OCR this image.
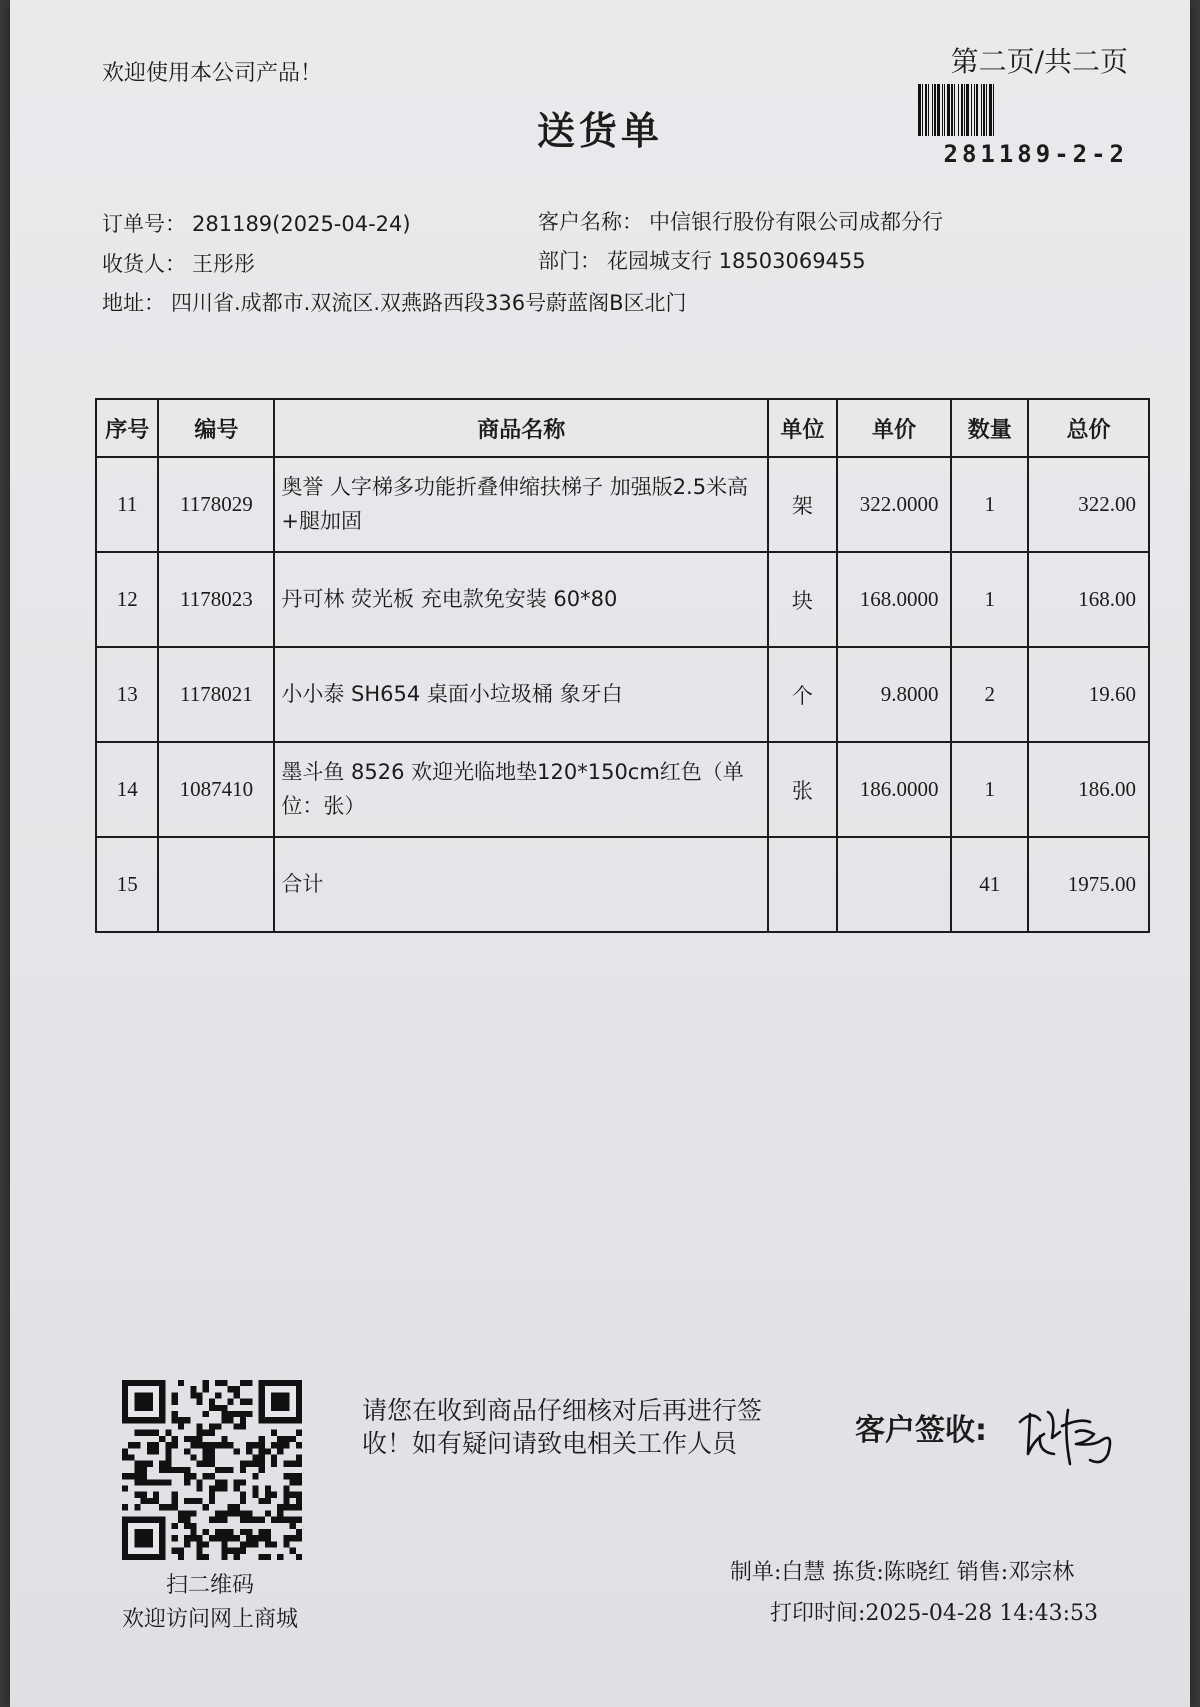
欢迎使用本公司产品！
送货单
第二页/共二页
281189-2-2
订单号： 281189(2025-04-24)	客户名称： 中信银行股份有限公司成都分行
收货人： 王彤彤	部门： 花园城支行 18503069455
地址： 四川省.成都市.双流区.双燕路西段336号蔚蓝阁B区北门
序号	编号	商品名称	单位	单价	数量	总价
11	1178029	奥誉 人字梯多功能折叠伸缩扶梯子 加强版2.5米高+腿加固	架	322.0000	1	322.00
12	1178023	丹可林 荧光板 充电款免安装 60*80	块	168.0000	1	168.00
13	1178021	小小泰 SH654 桌面小垃圾桶 象牙白	个	9.8000	2	19.60
14	1087410	墨斗鱼 8526 欢迎光临地垫120*150cm红色（单位：张）	张	186.0000	1	186.00
15		合计			41	1975.00
扫二维码
欢迎访问网上商城
请您在收到商品仔细核对后再进行签收！如有疑问请致电相关工作人员	客户签收:
制单:白慧 拣货:陈晓红 销售:邓宗林
打印时间:2025-04-28 14:43:53
